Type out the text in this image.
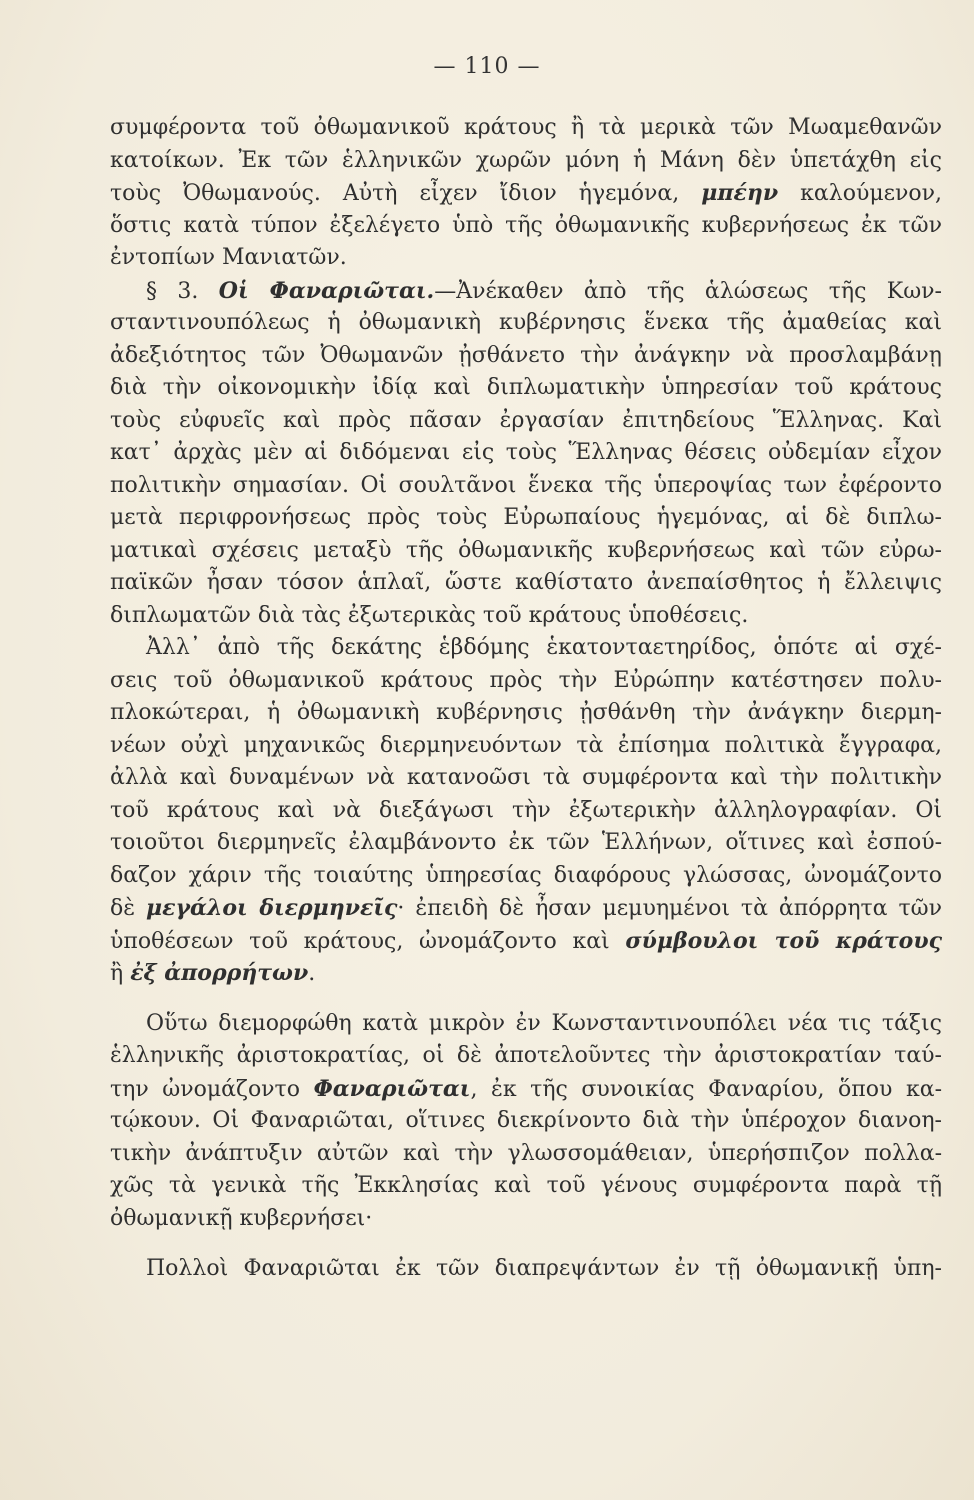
— 110 —
συμφέροντα τοῦ ὀθωμανικοῦ κράτους ἢ τὰ μερικὰ τῶν Μωαμεθανῶν
κατοίκων. Ἐκ τῶν ἑλληνικῶν χωρῶν μόνη ἡ Μάνη δὲν ὑπετάχθη εἰς
τοὺς Ὀθωμανούς. Αὐτὴ εἶχεν ἴδιον ἡγεμόνα, μπέην καλούμενον,
ὅστις κατὰ τύπον ἐξελέγετο ὑπὸ τῆς ὀθωμανικῆς κυβερνήσεως ἐκ τῶν
ἐντοπίων Μανιατῶν.
§ 3. Οἱ Φαναριῶται.—Ἀνέκαθεν ἀπὸ τῆς ἁλώσεως τῆς Κων-
σταντινουπόλεως ἡ ὀθωμανικὴ κυβέρνησις ἕνεκα τῆς ἀμαθείας καὶ
ἀδεξιότητος τῶν Ὀθωμανῶν ᾐσθάνετο τὴν ἀνάγκην νὰ προσλαμβάνῃ
διὰ τὴν οἰκονομικὴν ἰδίᾳ καὶ διπλωματικὴν ὑπηρεσίαν τοῦ κράτους
τοὺς εὐφυεῖς καὶ πρὸς πᾶσαν ἐργασίαν ἐπιτηδείους Ἕλληνας. Καὶ
κατ᾿ ἀρχὰς μὲν αἱ διδόμεναι εἰς τοὺς Ἕλληνας θέσεις οὐδεμίαν εἶχον
πολιτικὴν σημασίαν. Οἱ σουλτᾶνοι ἕνεκα τῆς ὑπεροψίας των ἐφέροντο
μετὰ περιφρονήσεως πρὸς τοὺς Εὐρωπαίους ἡγεμόνας, αἱ δὲ διπλω-
ματικαὶ σχέσεις μεταξὺ τῆς ὀθωμανικῆς κυβερνήσεως καὶ τῶν εὐρω-
παϊκῶν ἦσαν τόσον ἁπλαῖ, ὥστε καθίστατο ἀνεπαίσθητος ἡ ἔλλειψις
διπλωματῶν διὰ τὰς ἐξωτερικὰς τοῦ κράτους ὑποθέσεις.
Ἀλλ᾿ ἀπὸ τῆς δεκάτης ἑβδόμης ἑκατονταετηρίδος, ὁπότε αἱ σχέ-
σεις τοῦ ὀθωμανικοῦ κράτους πρὸς τὴν Εὐρώπην κατέστησεν πολυ-
πλοκώτεραι, ἡ ὀθωμανικὴ κυβέρνησις ᾐσθάνθη τὴν ἀνάγκην διερμη-
νέων οὐχὶ μηχανικῶς διερμηνευόντων τὰ ἐπίσημα πολιτικὰ ἔγγραφα,
ἀλλὰ καὶ δυναμένων νὰ κατανοῶσι τὰ συμφέροντα καὶ τὴν πολιτικὴν
τοῦ κράτους καὶ νὰ διεξάγωσι τὴν ἐξωτερικὴν ἀλληλογραφίαν. Οἱ
τοιοῦτοι διερμηνεῖς ἐλαμβάνοντο ἐκ τῶν Ἑλλήνων, οἵτινες καὶ ἐσπού-
δαζον χάριν τῆς τοιαύτης ὑπηρεσίας διαφόρους γλώσσας, ὠνομάζοντο
δὲ μεγάλοι διερμηνεῖς· ἐπειδὴ δὲ ἦσαν μεμυημένοι τὰ ἀπόρρητα τῶν
ὑποθέσεων τοῦ κράτους, ὠνομάζοντο καὶ σύμβουλοι τοῦ κράτους
ἢ ἐξ ἀπορρήτων.
Οὕτω διεμορφώθη κατὰ μικρὸν ἐν Κωνσταντινουπόλει νέα τις τάξις
ἑλληνικῆς ἀριστοκρατίας, οἱ δὲ ἀποτελοῦντες τὴν ἀριστοκρατίαν ταύ-
την ὠνομάζοντο Φαναριῶται, ἐκ τῆς συνοικίας Φαναρίου, ὅπου κα-
τῴκουν. Οἱ Φαναριῶται, οἵτινες διεκρίνοντο διὰ τὴν ὑπέροχον διανοη-
τικὴν ἀνάπτυξιν αὐτῶν καὶ τὴν γλωσσομάθειαν, ὑπερήσπιζον πολλα-
χῶς τὰ γενικὰ τῆς Ἐκκλησίας καὶ τοῦ γένους συμφέροντα παρὰ τῇ
ὀθωμανικῇ κυβερνήσει·
Πολλοὶ Φαναριῶται ἐκ τῶν διαπρεψάντων ἐν τῇ ὀθωμανικῇ ὑπη-
